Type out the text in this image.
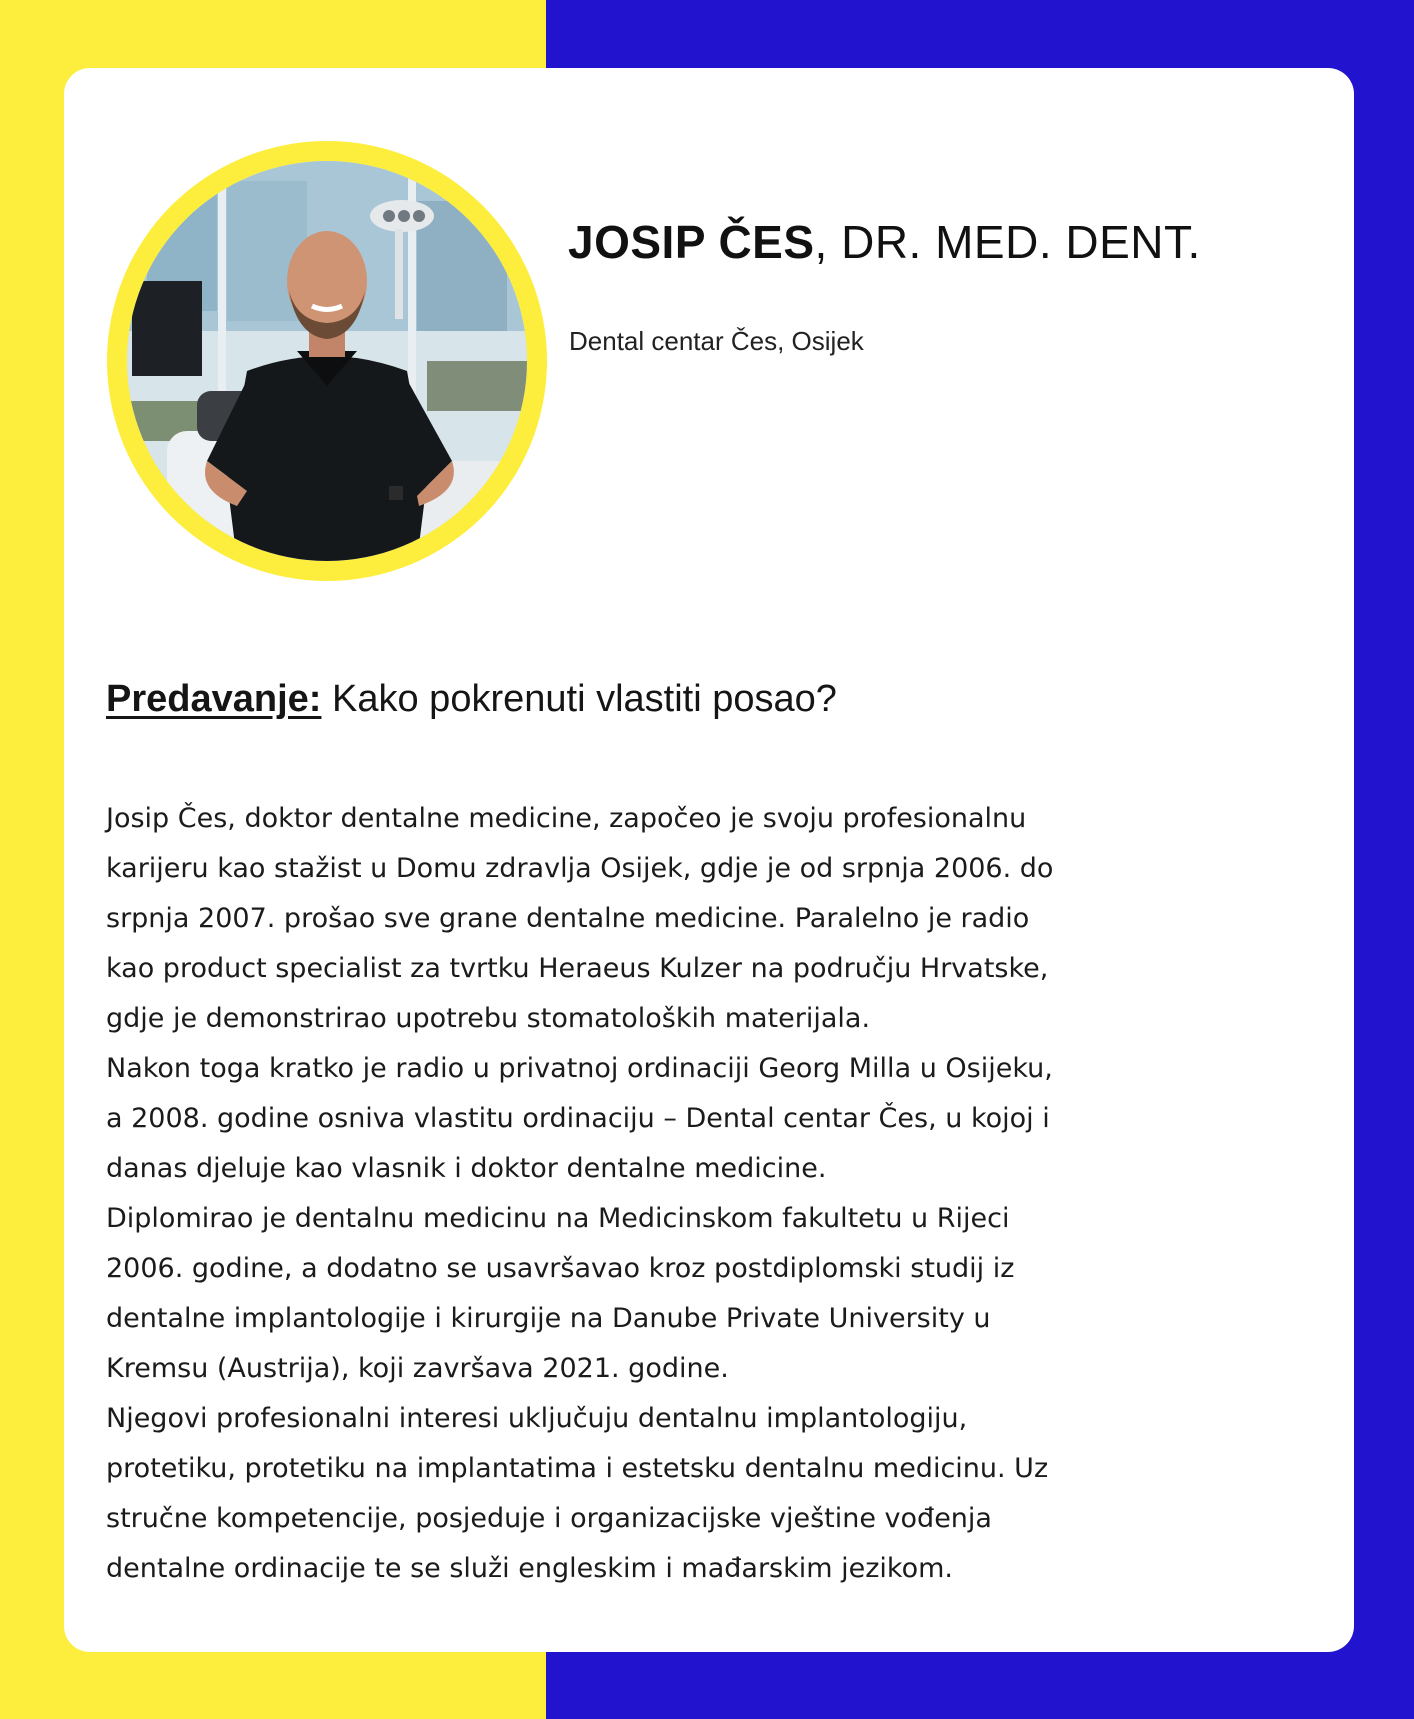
JOSIP ČES, DR. MED. DENT.
Dental centar Čes, Osijek
Predavanje: Kako pokrenuti vlastiti posao?

Josip Čes, doktor dentalne medicine, započeo je svoju profesionalnu

karijeru kao stažist u Domu zdravlja Osijek, gdje je od srpnja 2006. do

srpnja 2007. prošao sve grane dentalne medicine. Paralelno je radio

kao product specialist za tvrtku Heraeus Kulzer na području Hrvatske,

gdje je demonstrirao upotrebu stomatoloških materijala.

Nakon toga kratko je radio u privatnoj ordinaciji Georg Milla u Osijeku,

a 2008. godine osniva vlastitu ordinaciju – Dental centar Čes, u kojoj i

danas djeluje kao vlasnik i doktor dentalne medicine.

Diplomirao je dentalnu medicinu na Medicinskom fakultetu u Rijeci

2006. godine, a dodatno se usavršavao kroz postdiplomski studij iz

dentalne implantologije i kirurgije na Danube Private University u

Kremsu (Austrija), koji završava 2021. godine.

Njegovi profesionalni interesi uključuju dentalnu implantologiju,

protetiku, protetiku na implantatima i estetsku dentalnu medicinu. Uz

stručne kompetencije, posjeduje i organizacijske vještine vođenja

dentalne ordinacije te se služi engleskim i mađarskim jezikom.
